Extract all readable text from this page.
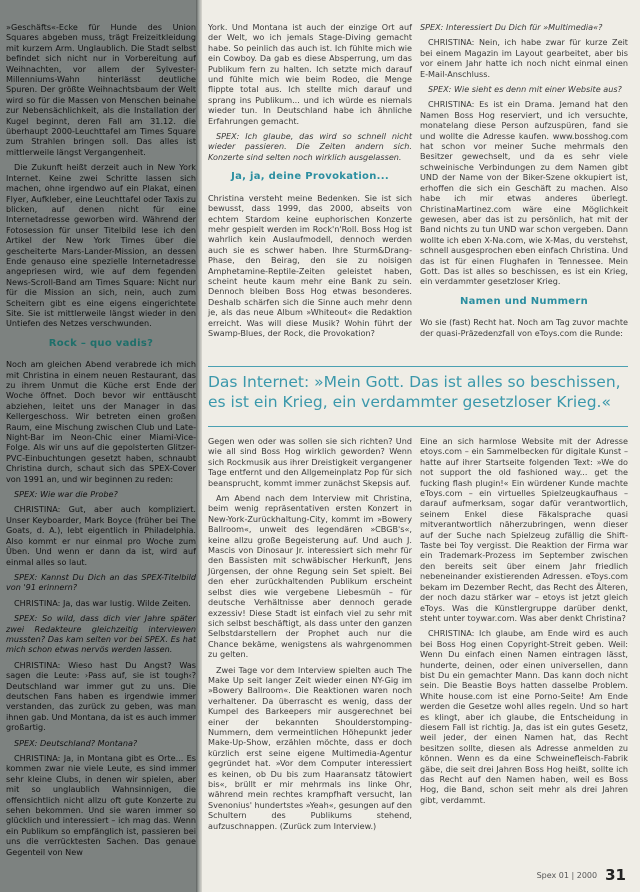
»Geschäfts«-Ecke für Hunde des Union Squares abgeben muss, trägt Freizeitkleidung mit kurzem Arm. Unglaublich. Die Stadt selbst befindet sich nicht nur in Vorbereitung auf Weihnachten, vor allem der Sylvester-Millenniums-Wahn hinterlässt deutliche Spuren. Der größte Weihnachtsbaum der Welt wird so für die Massen von Menschen beinahe zur Nebensächlichkeit, als die Installation der Kugel beginnt, deren Fall am 31.12. die überhaupt 2000-Leuchttafel am Times Square zum Strahlen bringen soll. Das alles ist mittlerweile längst Vergangenheit.

Die Zukunft heißt derzeit auch in New York Internet. Keine zwei Schritte lassen sich machen, ohne irgendwo auf ein Plakat, einen Flyer, Aufkleber, eine Leuchttafel oder Taxis zu blicken, auf denen nicht für eine Internetadresse geworben wird. Während der Fotosession für unser Titelbild lese ich den Artikel der New York Times über die gescheiterte Mars-Lander-Mission, an dessen Ende genauso eine spezielle Internetadresse angepriesen wird, wie auf dem fegenden News-Scroll-Band am Times Square: Nicht nur für die Mission an sich, nein, auch zum Scheitern gibt es eine eigens eingerichtete Site. Sie ist mittlerweile längst wieder in den Untiefen des Netzes verschwunden.

Rock – quo vadis?

Noch am gleichen Abend verabrede ich mich mit Christina in einem neuen Restaurant, das zu ihrem Unmut die Küche erst Ende der Woche öffnet. Doch bevor wir enttäuscht abziehen, leitet uns der Manager in das Kellergeschoss. Wir betreten einen großen Raum, eine Mischung zwischen Club und Late-Night-Bar im Neon-Chic einer Miami-Vice-Folge. Als wir uns auf die gepolsterten Glitzer-PVC-Einbuchtungen gesetzt haben, schnaubt Christina durch, schaut sich das SPEX-Cover von 1991 an, und wir beginnen zu reden:

SPEX: Wie war die Probe?

CHRISTINA: Gut, aber auch kompliziert. Unser Keyboarder, Mark Boyce (früher bei The Goats, d. A.), lebt eigentlich in Philadelphia. Also kommt er nur einmal pro Woche zum Üben. Und wenn er dann da ist, wird auf einmal alles so laut.

SPEX: Kannst Du Dich an das SPEX-Titelbild von '91 erinnern?

CHRISTINA: Ja, das war lustig. Wilde Zeiten.

SPEX: So wild, dass dich vier Jahre später zwei Redakteure gleichzeitig interviewen mussten? Das kam selten vor bei SPEX. Es hat mich schon etwas nervös werden lassen.

CHRISTINA: Wieso hast Du Angst? Was sagen die Leute: ›Pass auf, sie ist tough‹? Deutschland war immer gut zu uns. Die deutschen Fans haben es irgendwie immer verstanden, das zurück zu geben, was man ihnen gab. Und Montana, da ist es auch immer großartig.

SPEX: Deutschland? Montana?

CHRISTINA: Ja, in Montana gibt es Orte... Es kommen zwar nie viele Leute, es sind immer sehr kleine Clubs, in denen wir spielen, aber mit so unglaublich Wahnsinnigen, die offensichtlich nicht allzu oft gute Konzerte zu sehen bekommen. Und sie waren immer so glücklich und interessiert – ich mag das. Wenn ein Publikum so empfänglich ist, passieren bei uns die verrücktesten Sachen. Das genaue Gegenteil von New

York. Und Montana ist auch der einzige Ort auf der Welt, wo ich jemals Stage-Diving gemacht habe. So peinlich das auch ist. Ich fühlte mich wie ein Cowboy. Da gab es diese Absperrung, um das Publikum fern zu halten. Ich setzte mich darauf und fühlte mich wie beim Rodeo, die Menge flippte total aus. Ich stellte mich darauf und sprang ins Publikum... und ich würde es niemals wieder tun. In Deutschland habe ich ähnliche Erfahrungen gemacht.

SPEX: Ich glaube, das wird so schnell nicht wieder passieren. Die Zeiten andern sich. Konzerte sind selten noch wirklich ausgelassen.

Ja, ja, deine Provokation...

Christina versteht meine Bedenken. Sie ist sich bewusst, dass 1999, das 2000, abseits von echtem Stardom keine euphorischen Konzerte mehr gespielt werden im Rock'n'Roll. Boss Hog ist wahrlich kein Auslaufmodell, dennoch werden auch sie es schwer haben. Ihre Sturm&Drang-Phase, den Beirag, den sie zu noisigen Amphetamine-Reptile-Zeiten geleistet haben, scheint heute kaum mehr eine Bank zu sein. Dennoch bleiben Boss Hog etwas besonderes. Deshalb schärfen sich die Sinne auch mehr denn je, als das neue Album »Whiteout« die Redaktion erreicht. Was will diese Musik? Wohin führt der Swamp-Blues, der Rock, die Provokation?

SPEX: Interessiert Du Dich für »Multimedia«?

CHRISTINA: Nein, ich habe zwar für kurze Zeit bei einem Magazin im Layout gearbeitet, aber bis vor einem Jahr hatte ich noch nicht einmal einen E-Mail-Anschluss.

SPEX: Wie sieht es denn mit einer Website aus?

CHRISTINA: Es ist ein Drama. Jemand hat den Namen Boss Hog reserviert, und ich versuchte, monatelang diese Person aufzuspüren, fand sie und wollte die Adresse kaufen. www.bosshog.com hat schon vor meiner Suche mehrmals den Besitzer gewechselt, und da es sehr viele schweinische Verbindungen zu dem Namen gibt UND der Name von der Biker-Szene okkupiert ist, erhoffen die sich ein Geschäft zu machen. Also habe ich mir etwas anderes überlegt. ChristinaMartinez.com wäre eine Möglichkeit gewesen, aber das ist zu persönlich, hat mit der Band nichts zu tun UND war schon vergeben. Dann wollte ich eben X-Na.com, wie X-Mas, du verstehst, schnell ausgesprochen eben einfach Christina. Und das ist für einen Flughafen in Tennessee. Mein Gott. Das ist alles so beschissen, es ist ein Krieg, ein verdammter gesetzloser Krieg.

Namen und Nummern

Wo sie (fast) Recht hat. Noch am Tag zuvor machte der quasi-Präzedenzfall von eToys.com die Runde:

Das Internet: »Mein Gott. Das ist alles so beschissen, es ist ein Krieg, ein verdammter gesetzloser Krieg.«

Gegen wen oder was sollen sie sich richten? Und wie all sind Boss Hog wirklich geworden? Wenn sich Rockmusik aus ihrer Dreistigkeit vergangener Tage entfernt und den Allgemeinplatz Pop für sich beansprucht, kommt immer zunächst Skepsis auf.

Am Abend nach dem Interview mit Christina, beim wenig repräsentativen ersten Konzert in New-York-Zurückhaltung-City, kommt im »Bowery Ballroom«, unweit des legendären »CBGB's«, keine allzu große Begeisterung auf. Und auch J. Mascis von Dinosaur Jr. interessiert sich mehr für den Bassisten mit schwäbischer Herkunft, Jens Jürgensen, der ohne Regung sein Set spielt. Bei den eher zurückhaltenden Publikum erscheint selbst dies wie vergebene Liebesmüh – für deutsche Verhältnisse aber dennoch gerade exzessiv! Diese Stadt ist einfach viel zu sehr mit sich selbst beschäftigt, als dass unter den ganzen Selbstdarstellern der Prophet auch nur die Chance bekäme, wenigstens als wahrgenommen zu gelten.

Zwei Tage vor dem Interview spielten auch The Make Up seit langer Zeit wieder einen NY-Gig im »Bowery Ballroom«. Die Reaktionen waren noch verhaltener. Da überrascht es wenig, dass der Kumpel des Barkeepers mir ausgerechnet bei einer der bekannten Shoulderstomping-Nummern, dem vermeintlichen Höhepunkt jeder Make-Up-Show, erzählen möchte, dass er doch kürzlich erst seine eigene Multimedia-Agentur gegründet hat. »Vor dem Computer interessiert es keinen, ob Du bis zum Haaransatz tätowiert bis«, brüllt er mir mehrmals ins linke Ohr, während mein rechtes krampfhaft versucht, Ian Svenonius' hundertstes »Yeah«, gesungen auf den Schultern des Publikums stehend, aufzuschnappen. (Zurück zum Interview.)

Eine an sich harmlose Website mit der Adresse etoys.com – ein Sammelbecken für digitale Kunst – hatte auf ihrer Startseite folgenden Text: »We do not support the old fashioned way... get the fucking flash plugin!« Ein würdener Kunde machte eToys.com – ein virtuelles Spielzeugkaufhaus – darauf aufmerksam, sogar dafür verantwortlich, seinem Enkel diese Fäkalsprache quasi mitverantwortlich näherzubringen, wenn dieser auf der Suche nach Spielzeug zufällig die Shift-Taste bei Toy vergisst. Die Reaktion der Firma war ein Trademark-Prozess im September zwischen den bereits seit über einem Jahr friedlich nebeneinander existierenden Adressen. eToys.com bekam im Dezember Recht, das Recht des Älteren, der noch dazu stärker war – etoys ist jetzt gleich eToys. Was die Künstlergruppe darüber denkt, steht unter toywar.com. Was aber denkt Christina?

CHRISTINA: Ich glaube, am Ende wird es auch bei Boss Hog einen Copyright-Streit geben. Weil: Wenn Du einfach einen Namen eintragen lässt, hunderte, deinen, oder einen universellen, dann bist Du ein gemachter Mann. Das kann doch nicht sein. Die Beastie Boys hatten dasselbe Problem. White house.com ist eine Porno-Seite! Am Ende werden die Gesetze wohl alles regeln. Und so hart es klingt, aber ich glaube, die Entscheidung in diesem Fall ist richtig. Ja, das ist ein gutes Gesetz, weil jeder, der einen Namen hat, das Recht besitzen sollte, diesen als Adresse anmelden zu können. Wenn es da eine Schweinefleisch-Fabrik gäbe, die seit drei Jahren Boss Hog heißt, sollte ich das Recht auf den Namen haben, weil es Boss Hog, die Band, schon seit mehr als drei Jahren gibt, verdammt.

Spex 01 | 2000 31
